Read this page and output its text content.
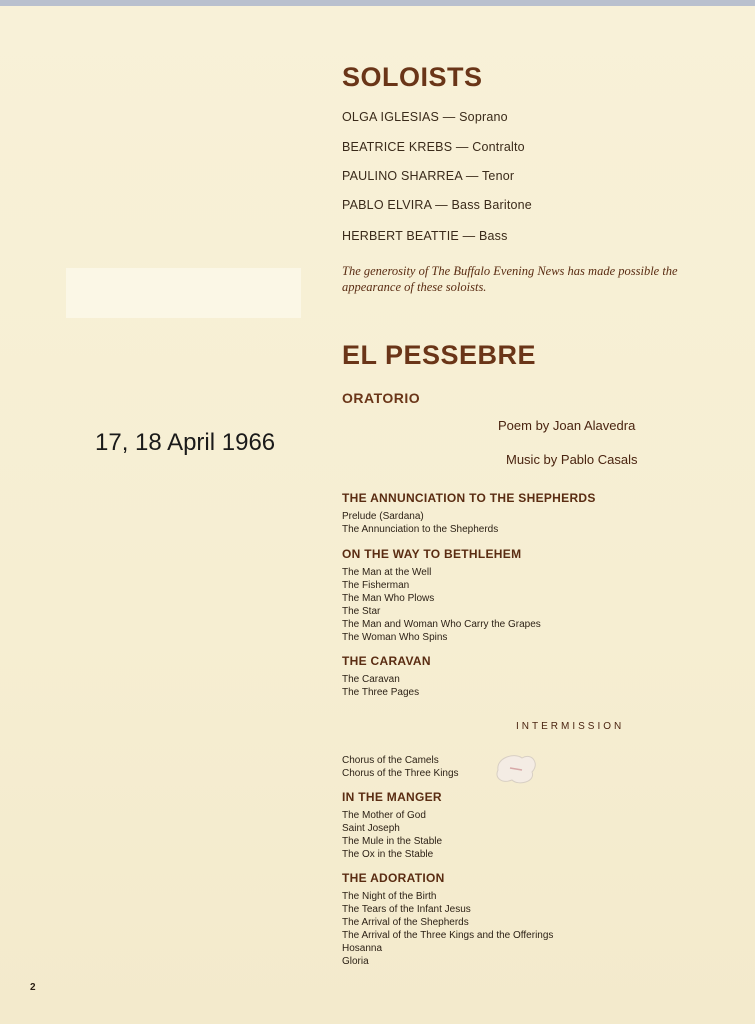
17, 18 April 1966
SOLOISTS
OLGA IGLESIAS — Soprano
BEATRICE KREBS — Contralto
PAULINO SHARREA — Tenor
PABLO ELVIRA — Bass Baritone
HERBERT BEATTIE — Bass
The generosity of The Buffalo Evening News has made possible the appearance of these soloists.
EL PESSEBRE
ORATORIO
Poem by Joan Alavedra
Music by Pablo Casals
THE ANNUNCIATION TO THE SHEPHERDS
Prelude (Sardana)
The Annunciation to the Shepherds
ON THE WAY TO BETHLEHEM
The Man at the Well
The Fisherman
The Man Who Plows
The Star
The Man and Woman Who Carry the Grapes
The Woman Who Spins
THE CARAVAN
The Caravan
The Three Pages
INTERMISSION
Chorus of the Camels
Chorus of the Three Kings
IN THE MANGER
The Mother of God
Saint Joseph
The Mule in the Stable
The Ox in the Stable
THE ADORATION
The Night of the Birth
The Tears of the Infant Jesus
The Arrival of the Shepherds
The Arrival of the Three Kings and the Offerings
Hosanna
Gloria
2
